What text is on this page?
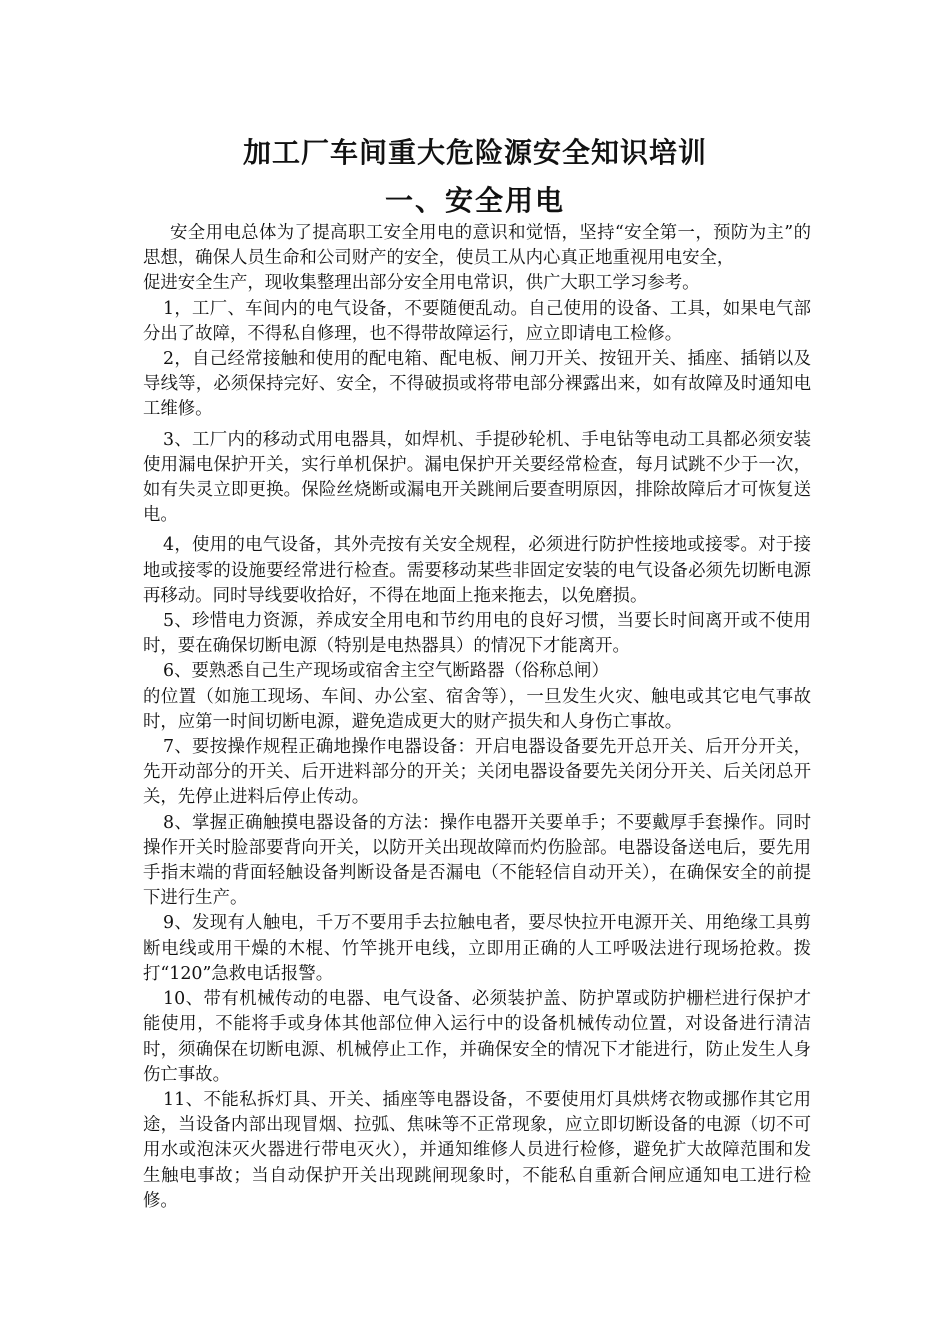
加工厂车间重大危险源安全知识培训
一、安全用电

安全用电总体为了提高职工安全用电的意识和觉悟，坚持“安全第一，预防为主”的思想，确保人员生命和公司财产的安全，使员工从内心真正地重视用电安全，

促进安全生产，现收集整理出部分安全用电常识，供广大职工学习参考。

1，工厂、车间内的电气设备，不要随便乱动。自己使用的设备、工具，如果电气部分出了故障，不得私自修理，也不得带故障运行，应立即请电工检修。

2，自己经常接触和使用的配电箱、配电板、闸刀开关、按钮开关、插座、插销以及导线等，必须保持完好、安全，不得破损或将带电部分裸露出来，如有故障及时通知电工维修。

3、工厂内的移动式用电器具，如焊机、手提砂轮机、手电钻等电动工具都必须安装使用漏电保护开关，实行单机保护。漏电保护开关要经常检查，每月试跳不少于一次，如有失灵立即更换。保险丝烧断或漏电开关跳闸后要查明原因，排除故障后才可恢复送电。

4，使用的电气设备，其外壳按有关安全规程，必须进行防护性接地或接零。对于接地或接零的设施要经常进行检查。需要移动某些非固定安装的电气设备必须先切断电源再移动。同时导线要收拾好，不得在地面上拖来拖去，以免磨损。

5、珍惜电力资源，养成安全用电和节约用电的良好习惯，当要长时间离开或不使用时，要在确保切断电源（特别是电热器具）的情况下才能离开。

6、要熟悉自己生产现场或宿舍主空气断路器（俗称总闸）

的位置（如施工现场、车间、办公室、宿舍等），一旦发生火灾、触电或其它电气事故时，应第一时间切断电源，避免造成更大的财产损失和人身伤亡事故。

7、要按操作规程正确地操作电器设备：开启电器设备要先开总开关、后开分开关，先开动部分的开关、后开进料部分的开关；关闭电器设备要先关闭分开关、后关闭总开关，先停止进料后停止传动。

8、掌握正确触摸电器设备的方法：操作电器开关要单手；不要戴厚手套操作。同时操作开关时脸部要背向开关，以防开关出现故障而灼伤脸部。电器设备送电后，要先用手指末端的背面轻触设备判断设备是否漏电（不能轻信自动开关），在确保安全的前提下进行生产。

9、发现有人触电，千万不要用手去拉触电者，要尽快拉开电源开关、用绝缘工具剪断电线或用干燥的木棍、竹竿挑开电线，立即用正确的人工呼吸法进行现场抢救。拨打“120”急救电话报警。

10、带有机械传动的电器、电气设备、必须装护盖、防护罩或防护栅栏进行保护才能使用，不能将手或身体其他部位伸入运行中的设备机械传动位置，对设备进行清洁时，须确保在切断电源、机械停止工作，并确保安全的情况下才能进行，防止发生人身伤亡事故。

11、不能私拆灯具、开关、插座等电器设备，不要使用灯具烘烤衣物或挪作其它用途，当设备内部出现冒烟、拉弧、焦味等不正常现象，应立即切断设备的电源（切不可用水或泡沫灭火器进行带电灭火），并通知维修人员进行检修，避免扩大故障范围和发生触电事故；当自动保护开关出现跳闸现象时，不能私自重新合闸应通知电工进行检修。
